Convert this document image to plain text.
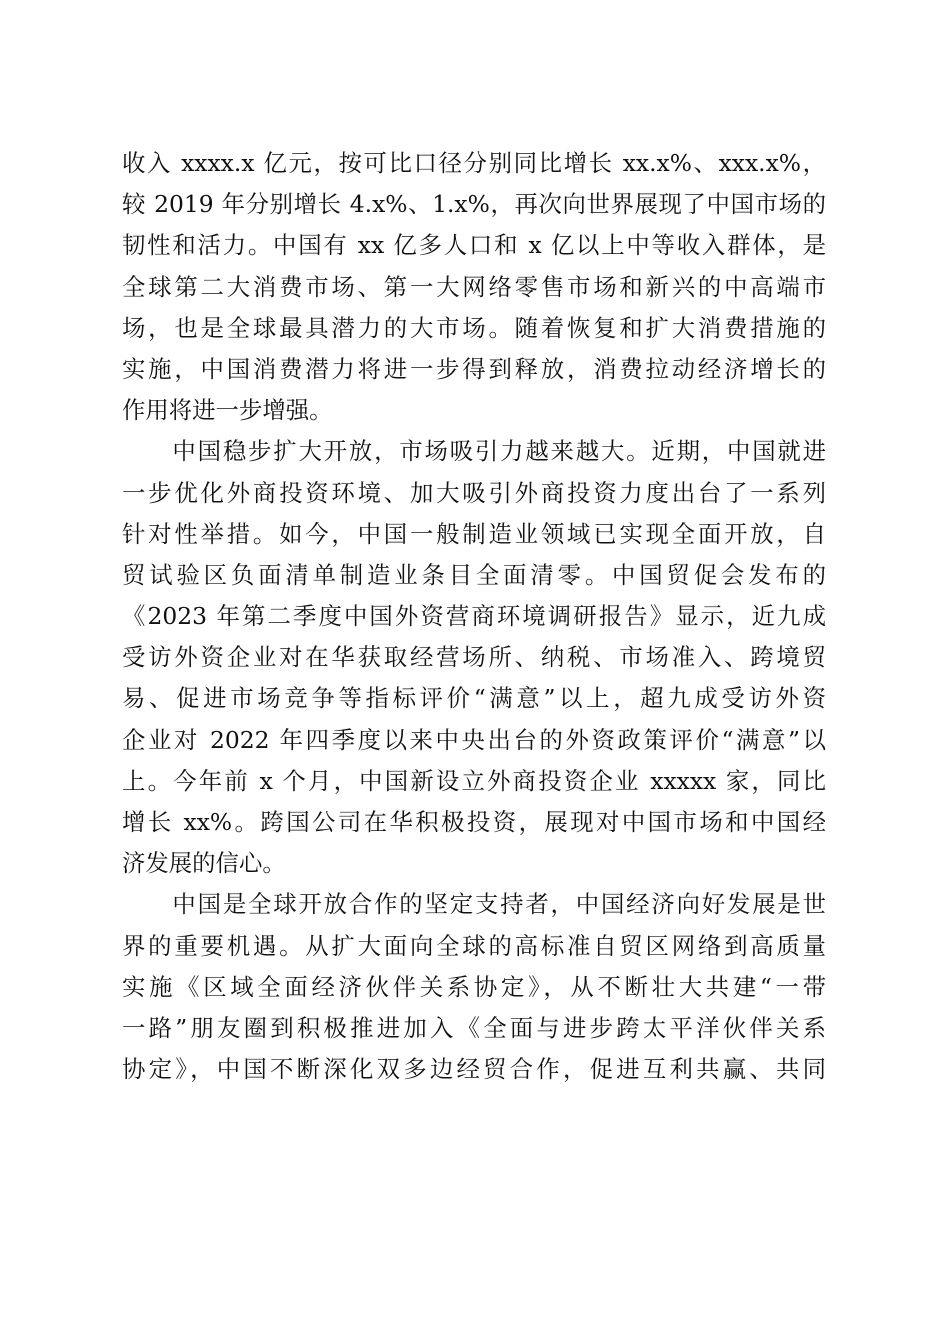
收入 xxxx.x 亿元，按可比口径分别同比增长 xx.x%、xxx.x%，
较 2019 年分别增长 4.x%、1.x%，再次向世界展现了中国市场的
韧性和活力。中国有 xx 亿多人口和 x 亿以上中等收入群体，是
全球第二大消费市场、第一大网络零售市场和新兴的中高端市
场，也是全球最具潜力的大市场。随着恢复和扩大消费措施的
实施，中国消费潜力将进一步得到释放，消费拉动经济增长的
作用将进一步增强。
　　中国稳步扩大开放，市场吸引力越来越大。近期，中国就进
一步优化外商投资环境、加大吸引外商投资力度出台了一系列
针对性举措。如今，中国一般制造业领域已实现全面开放，自
贸试验区负面清单制造业条目全面清零。中国贸促会发布的
《2023 年第二季度中国外资营商环境调研报告》显示，近九成
受访外资企业对在华获取经营场所、纳税、市场准入、跨境贸
易、促进市场竞争等指标评价“满意”以上，超九成受访外资
企业对 2022 年四季度以来中央出台的外资政策评价“满意”以
上。今年前 x 个月，中国新设立外商投资企业 xxxxx 家，同比
增长 xx%。跨国公司在华积极投资，展现对中国市场和中国经
济发展的信心。
　　中国是全球开放合作的坚定支持者，中国经济向好发展是世
界的重要机遇。从扩大面向全球的高标准自贸区网络到高质量
实施《区域全面经济伙伴关系协定》，从不断壮大共建“一带
一路”朋友圈到积极推进加入《全面与进步跨太平洋伙伴关系
协定》，中国不断深化双多边经贸合作，促进互利共赢、共同
